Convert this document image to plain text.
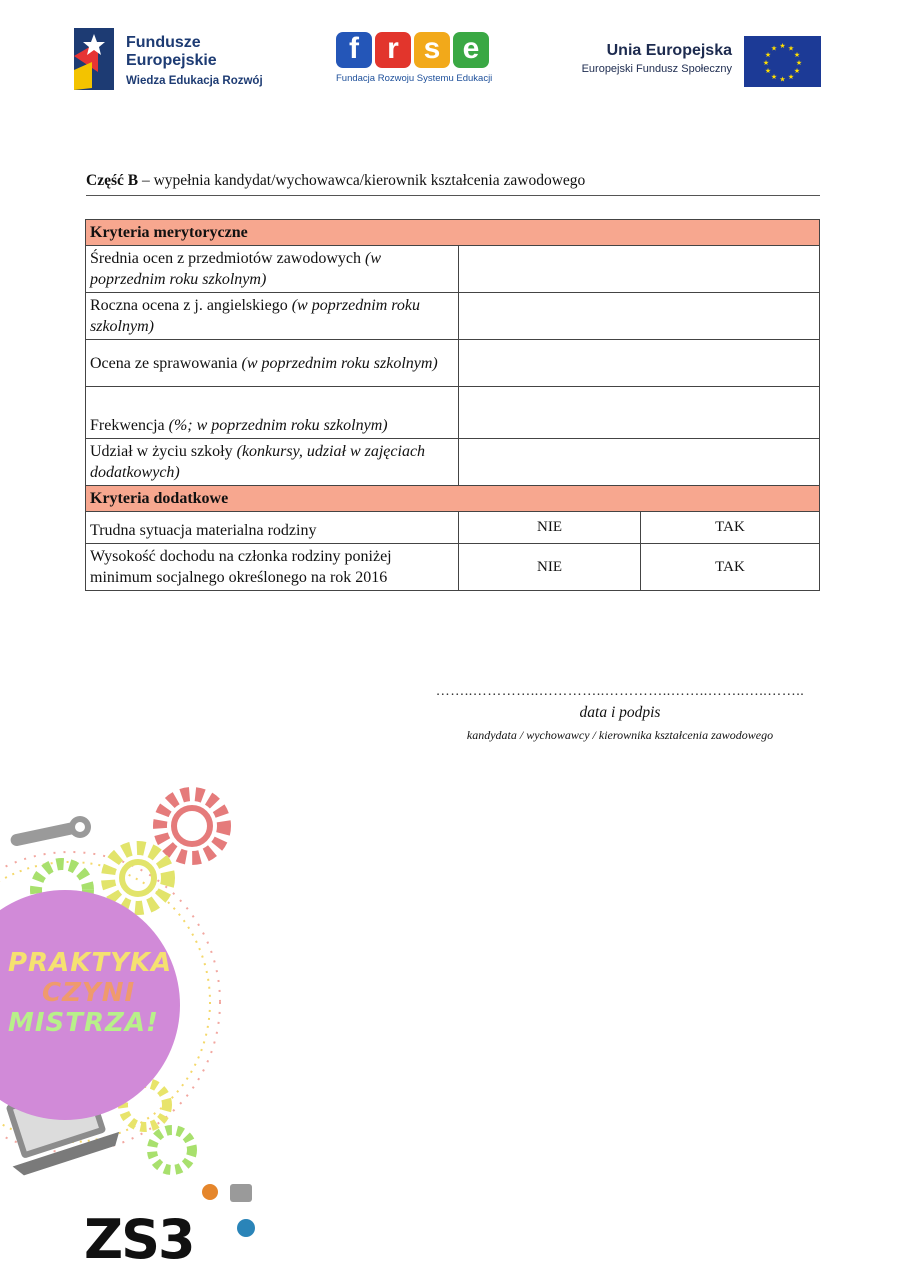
Fundusze
Europejskie
Wiedza Edukacja Rozwój
f r s e
Fundacja Rozwoju Systemu Edukacji
Unia Europejska
Europejski Fundusz Społeczny
★ ★
★
★
★
★
★
★
★
★
★
★
Część B – wypełnia kandydat/wychowawca/kierownik kształcenia zawodowego
Kryteria merytoryczne		
Średnia ocen z przedmiotów zawodowych (w poprzednim roku szkolnym)		
Roczna ocena z j. angielskiego (w poprzednim roku szkolnym)		
Ocena ze sprawowania (w poprzednim roku szkolnym)		
Frekwencja (%; w poprzednim roku szkolnym)		
Udział w życiu szkoły (konkursy, udział w zajęciach dodatkowych)		
Kryteria dodatkowe		
Trudna sytuacja materialna rodziny	NIE	TAK
Wysokość dochodu na członka rodziny poniżej minimum socjalnego określonego na rok 2016	NIE	TAK
……..…………..…………..…………..……..……..…..……..
data i podpis
kandydata / wychowawcy / kierownika kształcenia zawodowego
PRAKTYKA
CZYNI
MISTRZA!
ZS3
